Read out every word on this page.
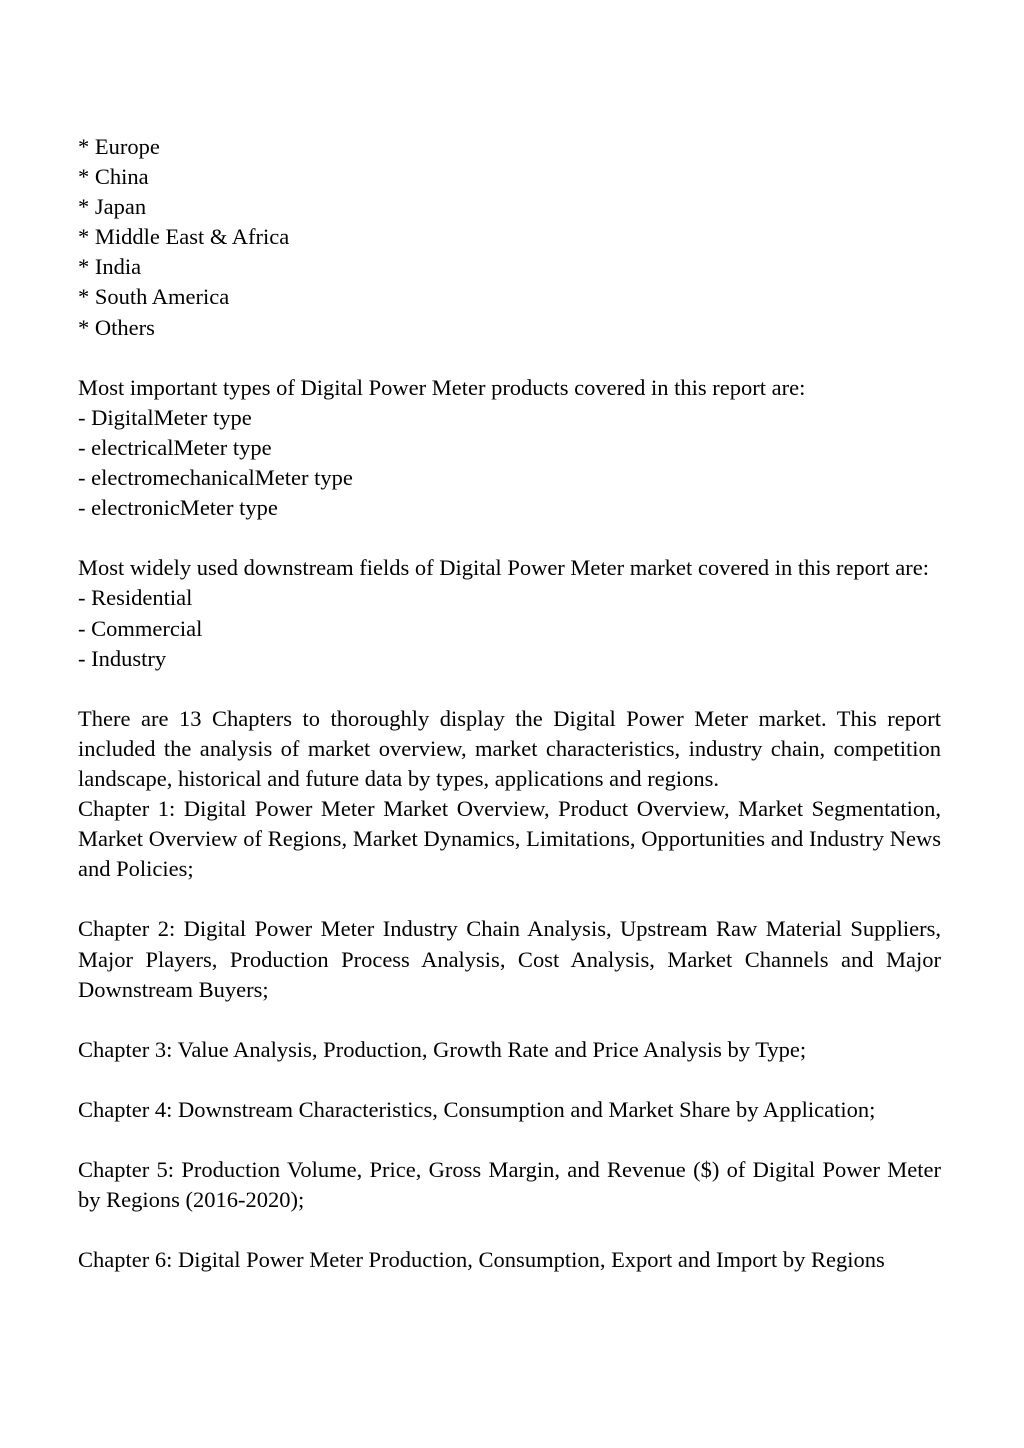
* Europe
* China
* Japan
* Middle East & Africa
* India
* South America
* Others

Most important types of Digital Power Meter products covered in this report are:

- DigitalMeter type
- electricalMeter type
- electromechanicalMeter type
- electronicMeter type

Most widely used downstream fields of Digital Power Meter market covered in this report are:

- Residential
- Commercial
- Industry

There are 13 Chapters to thoroughly display the Digital Power Meter market. This report included the analysis of market overview, market characteristics, industry chain, competition landscape, historical and future data by types, applications and regions.

Chapter 1: Digital Power Meter Market Overview, Product Overview, Market Segmentation, Market Overview of Regions, Market Dynamics, Limitations, Opportunities and Industry News and Policies;

Chapter 2: Digital Power Meter Industry Chain Analysis, Upstream Raw Material Suppliers, Major Players, Production Process Analysis, Cost Analysis, Market Channels and Major Downstream Buyers;

Chapter 3: Value Analysis, Production, Growth Rate and Price Analysis by Type;

Chapter 4: Downstream Characteristics, Consumption and Market Share by Application;

Chapter 5: Production Volume, Price, Gross Margin, and Revenue ($) of Digital Power Meter by Regions (2016-2020);

Chapter 6: Digital Power Meter Production, Consumption, Export and Import by Regions
